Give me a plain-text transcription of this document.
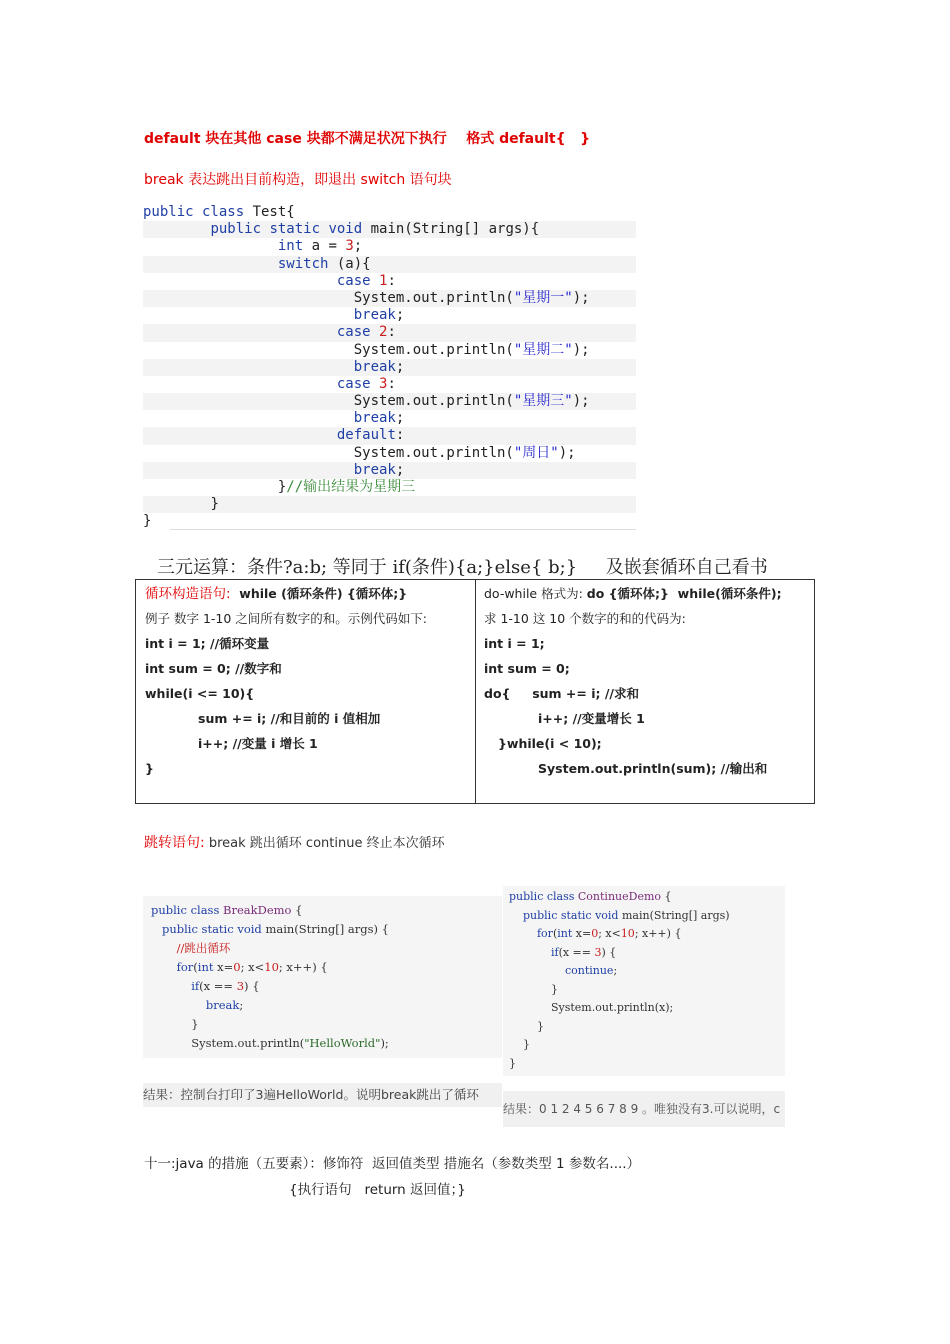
default 块在其他 case 块都不满足状况下执行    格式 default{   }
break 表达跳出目前构造，即退出 switch 语句块
public class Test{
public static void main(String[] args){
int a = 3;
switch (a){
case 1:
System.out.println("星期一");
break;
case 2:
System.out.println("星期二");
break;
case 3:
System.out.println("星期三");
break;
default:
System.out.println("周日");
break;
}//输出结果为星期三
}
}
三元运算：条件?a:b; 等同于 if(条件){a;}else{ b;}     及嵌套循环自己看书
循环构造语句:  while (循环条件) {循环体;}
例子 数字 1-10 之间所有数字的和。示例代码如下:
int i = 1; //循环变量
int sum = 0; //数字和
while(i <= 10){
sum += i; //和目前的 i 值相加
i++; //变量 i 增长 1
}
do-while 格式为: do {循环体;}  while(循环条件);
求 1-10 这 10 个数字的和的代码为:
int i = 1;
int sum = 0;
do{     sum += i; //求和
i++; //变量增长 1
}while(i < 10);
System.out.println(sum); //输出和
跳转语句: break 跳出循环 continue 终止本次循环
public class BreakDemo {
public static void main(String[] args) {
//跳出循环
for(int x=0; x<10; x++) {
if(x == 3) {
break;
}
System.out.println("HelloWorld");
public class ContinueDemo {
public static void main(String[] args)
for(int x=0; x<10; x++) {
if(x == 3) {
continue;
}
System.out.println(x);
}
}
}
结果：控制台打印了3遍HelloWorld。说明break跳出了循环
结果：0 1 2 4 5 6 7 8 9 。唯独没有3.可以说明，c
十一:java 的措施（五要素）：修饰符  返回值类型 措施名（参数类型 1 参数名....）
{执行语句   return 返回值；}
